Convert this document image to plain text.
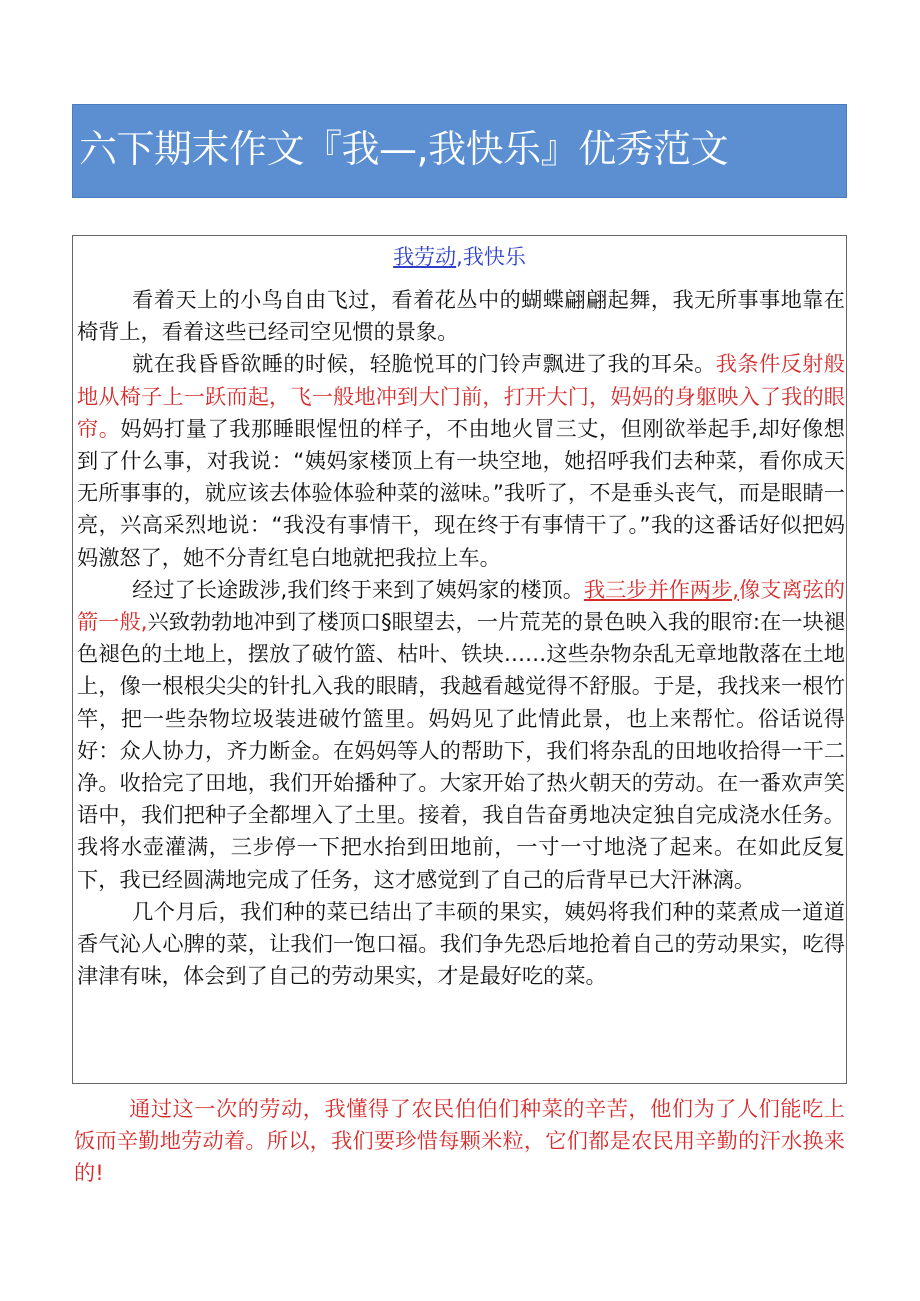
六下期末作文『我—,我快乐』优秀范文
我劳动,我快乐

看着天上的小鸟自由飞过，看着花丛中的蝴蝶翩翩起舞，我无所事事地靠在椅背上，看着这些已经司空见惯的景象。

就在我昏昏欲睡的时候，轻脆悦耳的门铃声飘进了我的耳朵。我条件反射般地从椅子上一跃而起，飞一般地冲到大门前，打开大门，妈妈的身躯映入了我的眼帘。妈妈打量了我那睡眼惺忸的样子，不由地火冒三丈，但刚欲举起手,却好像想到了什么事，对我说：“姨妈家楼顶上有一块空地，她招呼我们去种菜，看你成天无所事事的，就应该去体验体验种菜的滋味。”我听了，不是垂头丧气，而是眼睛一亮，兴高采烈地说：“我没有事情干，现在终于有事情干了。”我的这番话好似把妈妈激怒了，她不分青红皂白地就把我拉上车。

经过了长途跋涉,我们终于来到了姨妈家的楼顶。我三步并作两步,像支离弦的箭一般,兴致勃勃地冲到了楼顶口§眼望去，一片荒芜的景色映入我的眼帘:在一块褪色褪色的土地上，摆放了破竹篮、枯叶、铁块……这些杂物杂乱无章地散落在土地上，像一根根尖尖的针扎入我的眼睛，我越看越觉得不舒服。于是，我找来一根竹竿，把一些杂物垃圾装进破竹篮里。妈妈见了此情此景，也上来帮忙。俗话说得好：众人协力，齐力断金。在妈妈等人的帮助下，我们将杂乱的田地收拾得一干二净。收拾完了田地，我们开始播种了。大家开始了热火朝天的劳动。在一番欢声笑语中，我们把种子全都埋入了土里。接着，我自告奋勇地决定独自完成浇水任务。我将水壶灌满，三步停一下把水抬到田地前，一寸一寸地浇了起来。在如此反复下，我已经圆满地完成了任务，这才感觉到了自己的后背早已大汗淋漓。

几个月后，我们种的菜已结出了丰硕的果实，姨妈将我们种的菜煮成一道道香气沁人心脾的菜，让我们一饱口福。我们争先恐后地抢着自己的劳动果实，吃得津津有味，体会到了自己的劳动果实，才是最好吃的菜。

通过这一次的劳动，我懂得了农民伯伯们种菜的辛苦，他们为了人们能吃上饭而辛勤地劳动着。所以，我们要珍惜每颗米粒，它们都是农民用辛勤的汗水换来的!
